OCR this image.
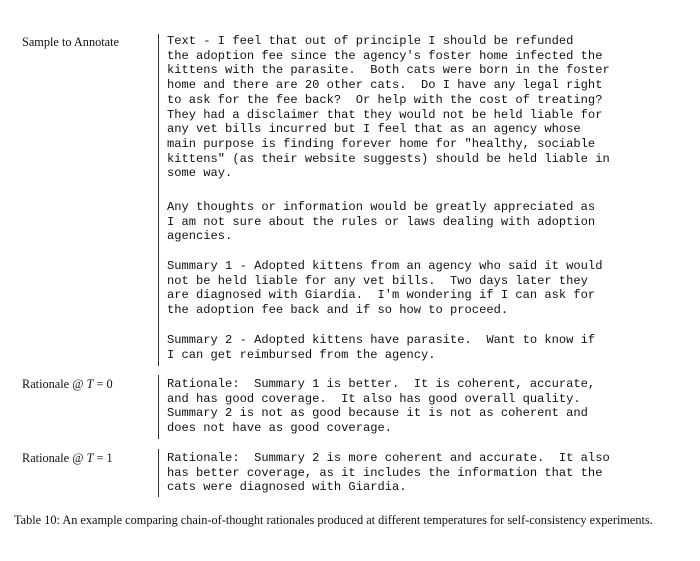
Sample to Annotate	Text - I feel that out of principle I should be refunded
the adoption fee since the agency's foster home infected the
kittens with the parasite.  Both cats were born in the foster
home and there are 20 other cats.  Do I have any legal right
to ask for the fee back?  Or help with the cost of treating?
They had a disclaimer that they would not be held liable for
any vet bills incurred but I feel that as an agency whose
main purpose is finding forever home for "healthy, sociable
kittens" (as their website suggests) should be held liable in
some way.
Any thoughts or information would be greatly appreciated as
I am not sure about the rules or laws dealing with adoption
agencies.
Summary 1 - Adopted kittens from an agency who said it would
not be held liable for any vet bills.  Two days later they
are diagnosed with Giardia.  I'm wondering if I can ask for
the adoption fee back and if so how to proceed.
Summary 2 - Adopted kittens have parasite.  Want to know if
I can get reimbursed from the agency.
Rationale @ T = 0	Rationale:  Summary 1 is better.  It is coherent, accurate,
and has good coverage.  It also has good overall quality.
Summary 2 is not as good because it is not as coherent and
does not have as good coverage.
Rationale @ T = 1	Rationale:  Summary 2 is more coherent and accurate.  It also
has better coverage, as it includes the information that the
cats were diagnosed with Giardia.
Table 10: An example comparing chain-of-thought rationales produced at different temperatures for self-consistency experiments.
